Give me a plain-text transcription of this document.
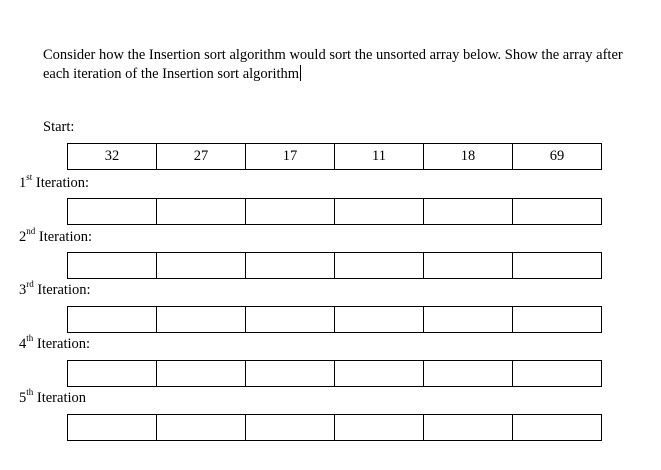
Consider how the Insertion sort algorithm would sort the unsorted array below. Show the array after each iteration of the Insertion sort algorithm
Start:
32	27	17	11	18	69
1st Iteration:
2nd Iteration:
3rd Iteration:
4th Iteration:
5th Iteration
